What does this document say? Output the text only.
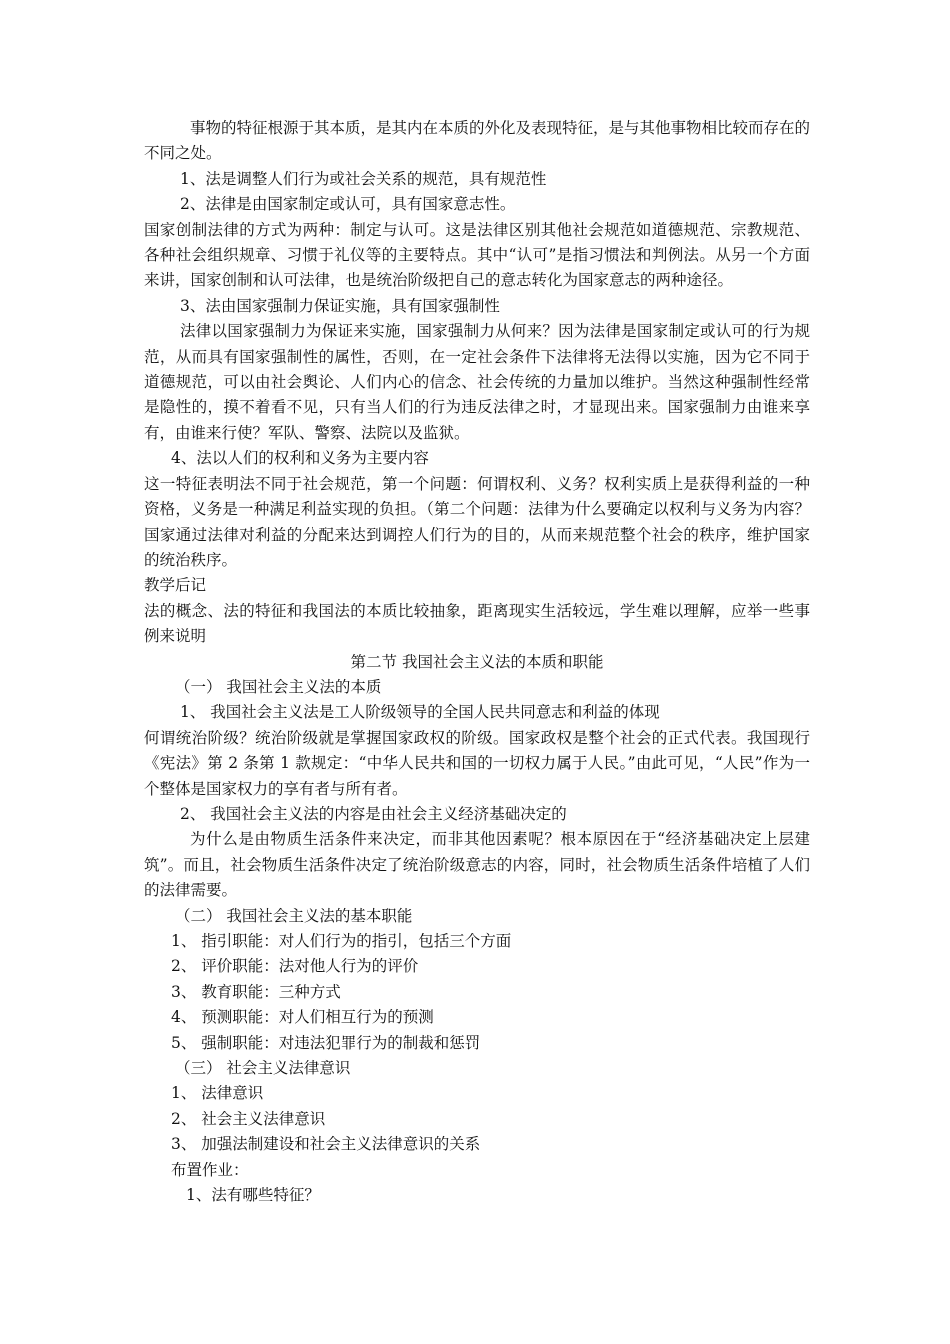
事物的特征根源于其本质，是其内在本质的外化及表现特征，是与其他事物相比较而存在的不同之处。
1、法是调整人们行为或社会关系的规范，具有规范性
2、法律是由国家制定或认可，具有国家意志性。
国家创制法律的方式为两种：制定与认可。这是法律区别其他社会规范如道德规范、宗教规范、各种社会组织规章、习惯于礼仪等的主要特点。其中“认可”是指习惯法和判例法。从另一个方面来讲，国家创制和认可法律，也是统治阶级把自己的意志转化为国家意志的两种途径。
3、法由国家强制力保证实施，具有国家强制性
法律以国家强制力为保证来实施，国家强制力从何来？因为法律是国家制定或认可的行为规范，从而具有国家强制性的属性，否则，在一定社会条件下法律将无法得以实施，因为它不同于道德规范，可以由社会舆论、人们内心的信念、社会传统的力量加以维护。当然这种强制性经常是隐性的，摸不着看不见，只有当人们的行为违反法律之时，才显现出来。国家强制力由谁来享有，由谁来行使？军队、警察、法院以及监狱。
4、法以人们的权利和义务为主要内容
这一特征表明法不同于社会规范，第一个问题：何谓权利、义务？权利实质上是获得利益的一种资格，义务是一种满足利益实现的负担。（第二个问题：法律为什么要确定以权利与义务为内容？国家通过法律对利益的分配来达到调控人们行为的目的，从而来规范整个社会的秩序，维护国家的统治秩序。
教学后记
法的概念、法的特征和我国法的本质比较抽象，距离现实生活较远，学生难以理解，应举一些事例来说明
第二节 我国社会主义法的本质和职能
（一） 我国社会主义法的本质
1、 我国社会主义法是工人阶级领导的全国人民共同意志和利益的体现
何谓统治阶级？统治阶级就是掌握国家政权的阶级。国家政权是整个社会的正式代表。我国现行《宪法》第 2 条第 1 款规定：“中华人民共和国的一切权力属于人民。”由此可见，“人民”作为一个整体是国家权力的享有者与所有者。
2、 我国社会主义法的内容是由社会主义经济基础决定的
为什么是由物质生活条件来决定，而非其他因素呢？根本原因在于“经济基础决定上层建筑”。而且，社会物质生活条件决定了统治阶级意志的内容，同时，社会物质生活条件培植了人们的法律需要。
（二） 我国社会主义法的基本职能
1、 指引职能：对人们行为的指引，包括三个方面
2、 评价职能：法对他人行为的评价
3、 教育职能：三种方式
4、 预测职能：对人们相互行为的预测
5、 强制职能：对违法犯罪行为的制裁和惩罚
（三） 社会主义法律意识
1、 法律意识
2、 社会主义法律意识
3、 加强法制建设和社会主义法律意识的关系
布置作业：
1、法有哪些特征？
